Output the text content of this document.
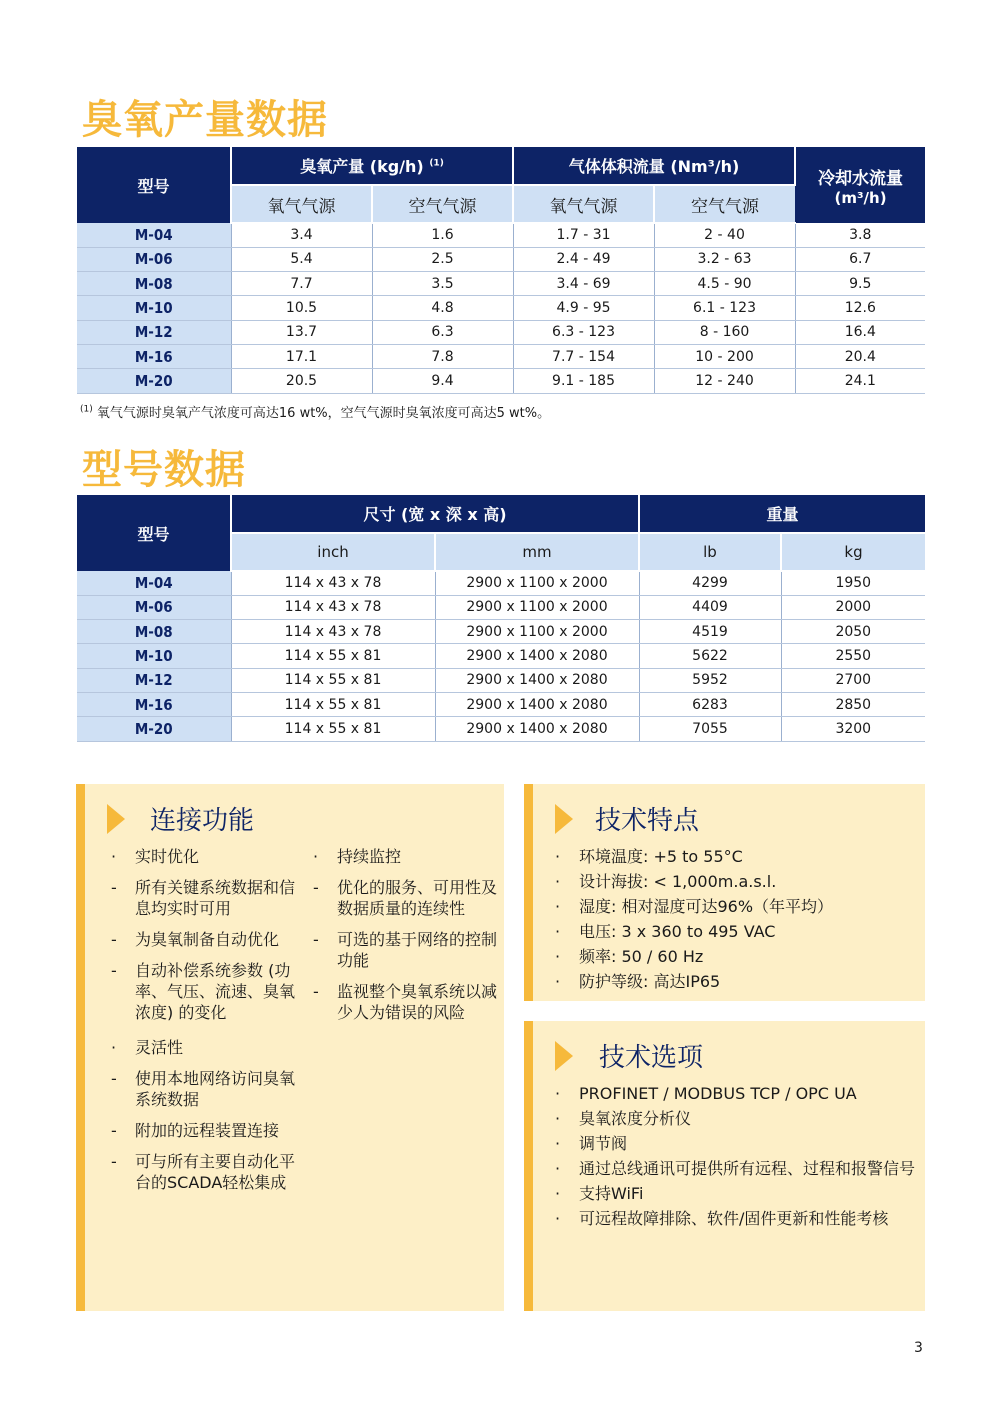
臭氧产量数据
型号	臭氧产量 (kg/h) $^{(1)}$		气体体积流量 (Nm³/h)		冷却水流量
(m³/h)

	氧气气源	空气气源	氧气气源	空气气源	
M-04	3.4	1.6	1.7 - 31	2 - 40	3.8
M-06	5.4	2.5	2.4 - 49	3.2 - 63	6.7
M-08	7.7	3.5	3.4 - 69	4.5 - 90	9.5
M-10	10.5	4.8	4.9 - 95	6.1 - 123	12.6
M-12	13.7	6.3	6.3 - 123	8 - 160	16.4
M-16	17.1	7.8	7.7 - 154	10 - 200	20.4
M-20	20.5	9.4	9.1 - 185	12 - 240	24.1
$^{(1)}$ 氧气气源时臭氧产气浓度可高达16 wt%，空气气源时臭氧浓度可高达5 wt%。
型号数据
型号	尺寸 (宽 x 深 x 高)		重量	
	inch	mm	lb	kg
M-04	114 x 43 x 78	2900 x 1100 x 2000	4299	1950
M-06	114 x 43 x 78	2900 x 1100 x 2000	4409	2000
M-08	114 x 43 x 78	2900 x 1100 x 2000	4519	2050
M-10	114 x 55 x 81	2900 x 1400 x 2080	5622	2550
M-12	114 x 55 x 81	2900 x 1400 x 2080	5952	2700
M-16	114 x 55 x 81	2900 x 1400 x 2080	6283	2850
M-20	114 x 55 x 81	2900 x 1400 x 2080	7055	3200
连接功能
·	实时优化
-	所有关键系统数据和信息均实时可用
-	为臭氧制备自动优化
-	自动补偿系统参数 (功率、气压、流速、臭氧浓度) 的变化
·	灵活性
-	使用本地网络访问臭氧系统数据
-	附加的远程装置连接
-	可与所有主要自动化平台的SCADA轻松集成
·	持续监控
-	优化的服务、可用性及数据质量的连续性
-	可选的基于网络的控制功能
-	监视整个臭氧系统以减少人为错误的风险
技术特点
·	环境温度: +5 to 55°C
·	设计海拔: < 1,000m.a.s.l.
·	湿度: 相对湿度可达96%（年平均）
·	电压: 3 x 360 to 495 VAC
·	频率: 50 / 60 Hz
·	防护等级: 高达IP65
技术选项
·	PROFINET / MODBUS TCP / OPC UA
·	臭氧浓度分析仪
·	调节阀
·	通过总线通讯可提供所有远程、过程和报警信号
·	支持WiFi
·	可远程故障排除、软件/固件更新和性能考核
3
